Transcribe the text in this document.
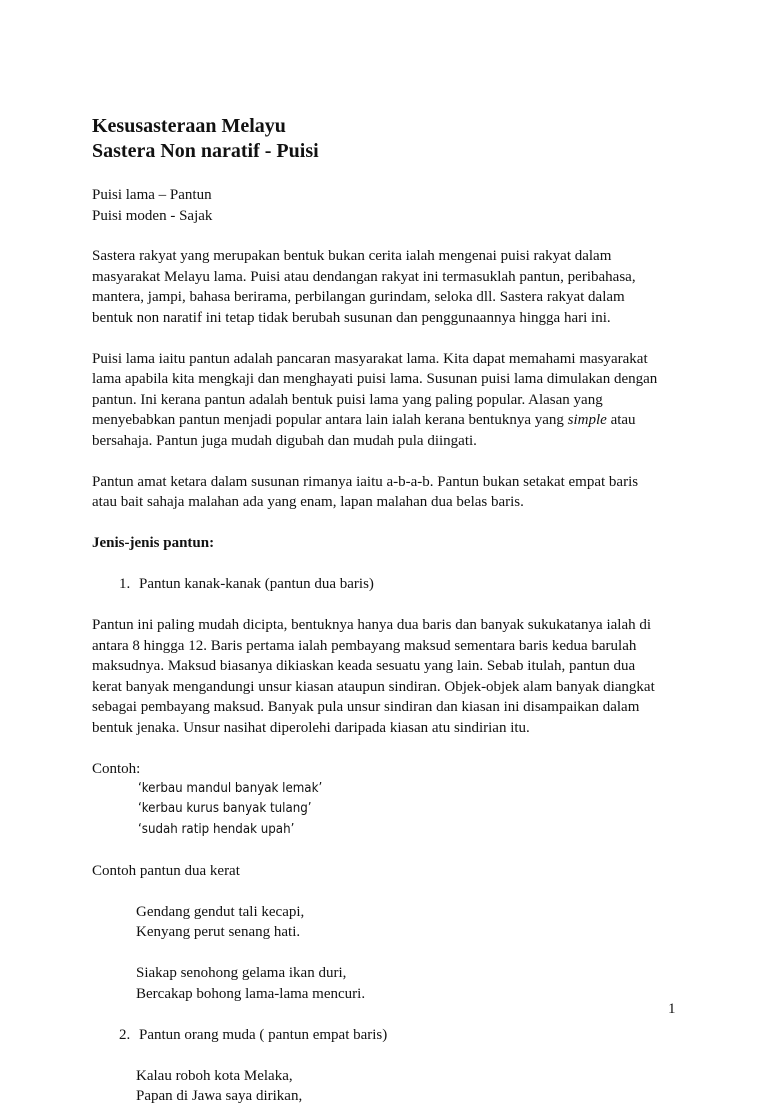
Kesusasteraan Melayu
Sastera Non naratif - Puisi

Puisi lama – Pantun

Puisi moden - Sajak

Sastera rakyat yang merupakan bentuk bukan cerita ialah mengenai puisi rakyat dalam

masyarakat Melayu lama. Puisi atau dendangan rakyat ini termasuklah pantun, peribahasa,

mantera, jampi, bahasa berirama, perbilangan gurindam, seloka dll. Sastera rakyat dalam

bentuk non naratif ini tetap tidak berubah susunan dan penggunaannya hingga hari ini.

Puisi lama iaitu pantun adalah pancaran masyarakat lama. Kita dapat memahami masyarakat

lama apabila kita mengkaji dan menghayati puisi lama. Susunan puisi lama dimulakan dengan

pantun. Ini kerana pantun adalah bentuk puisi lama yang paling popular. Alasan yang

menyebabkan pantun menjadi popular antara lain ialah kerana bentuknya yang simple atau

bersahaja. Pantun juga mudah digubah dan mudah pula diingati.

Pantun amat ketara dalam susunan rimanya iaitu a-b-a-b. Pantun bukan setakat empat baris

atau bait sahaja malahan ada yang enam, lapan malahan dua belas baris.

Jenis-jenis pantun:

1. Pantun kanak-kanak (pantun dua baris)

Pantun ini paling mudah dicipta, bentuknya hanya dua baris dan banyak sukukatanya ialah di

antara 8 hingga 12. Baris pertama ialah pembayang maksud sementara baris kedua barulah

maksudnya. Maksud biasanya dikiaskan keada sesuatu yang lain. Sebab itulah, pantun dua

kerat banyak mengandungi unsur kiasan ataupun sindiran. Objek-objek alam banyak diangkat

sebagai pembayang maksud. Banyak pula unsur sindiran dan kiasan ini disampaikan dalam

bentuk jenaka. Unsur nasihat diperolehi daripada kiasan atu sindirian itu.

Contoh:

‘kerbau mandul banyak lemak’

‘kerbau kurus banyak tulang’

‘sudah ratip hendak upah’

Contoh pantun dua kerat

Gendang gendut tali kecapi,

Kenyang perut senang hati.

Siakap senohong gelama ikan duri,

Bercakap bohong lama-lama mencuri.

2. Pantun orang muda ( pantun empat baris)

Kalau roboh kota Melaka,

Papan di Jawa saya dirikan,

1
